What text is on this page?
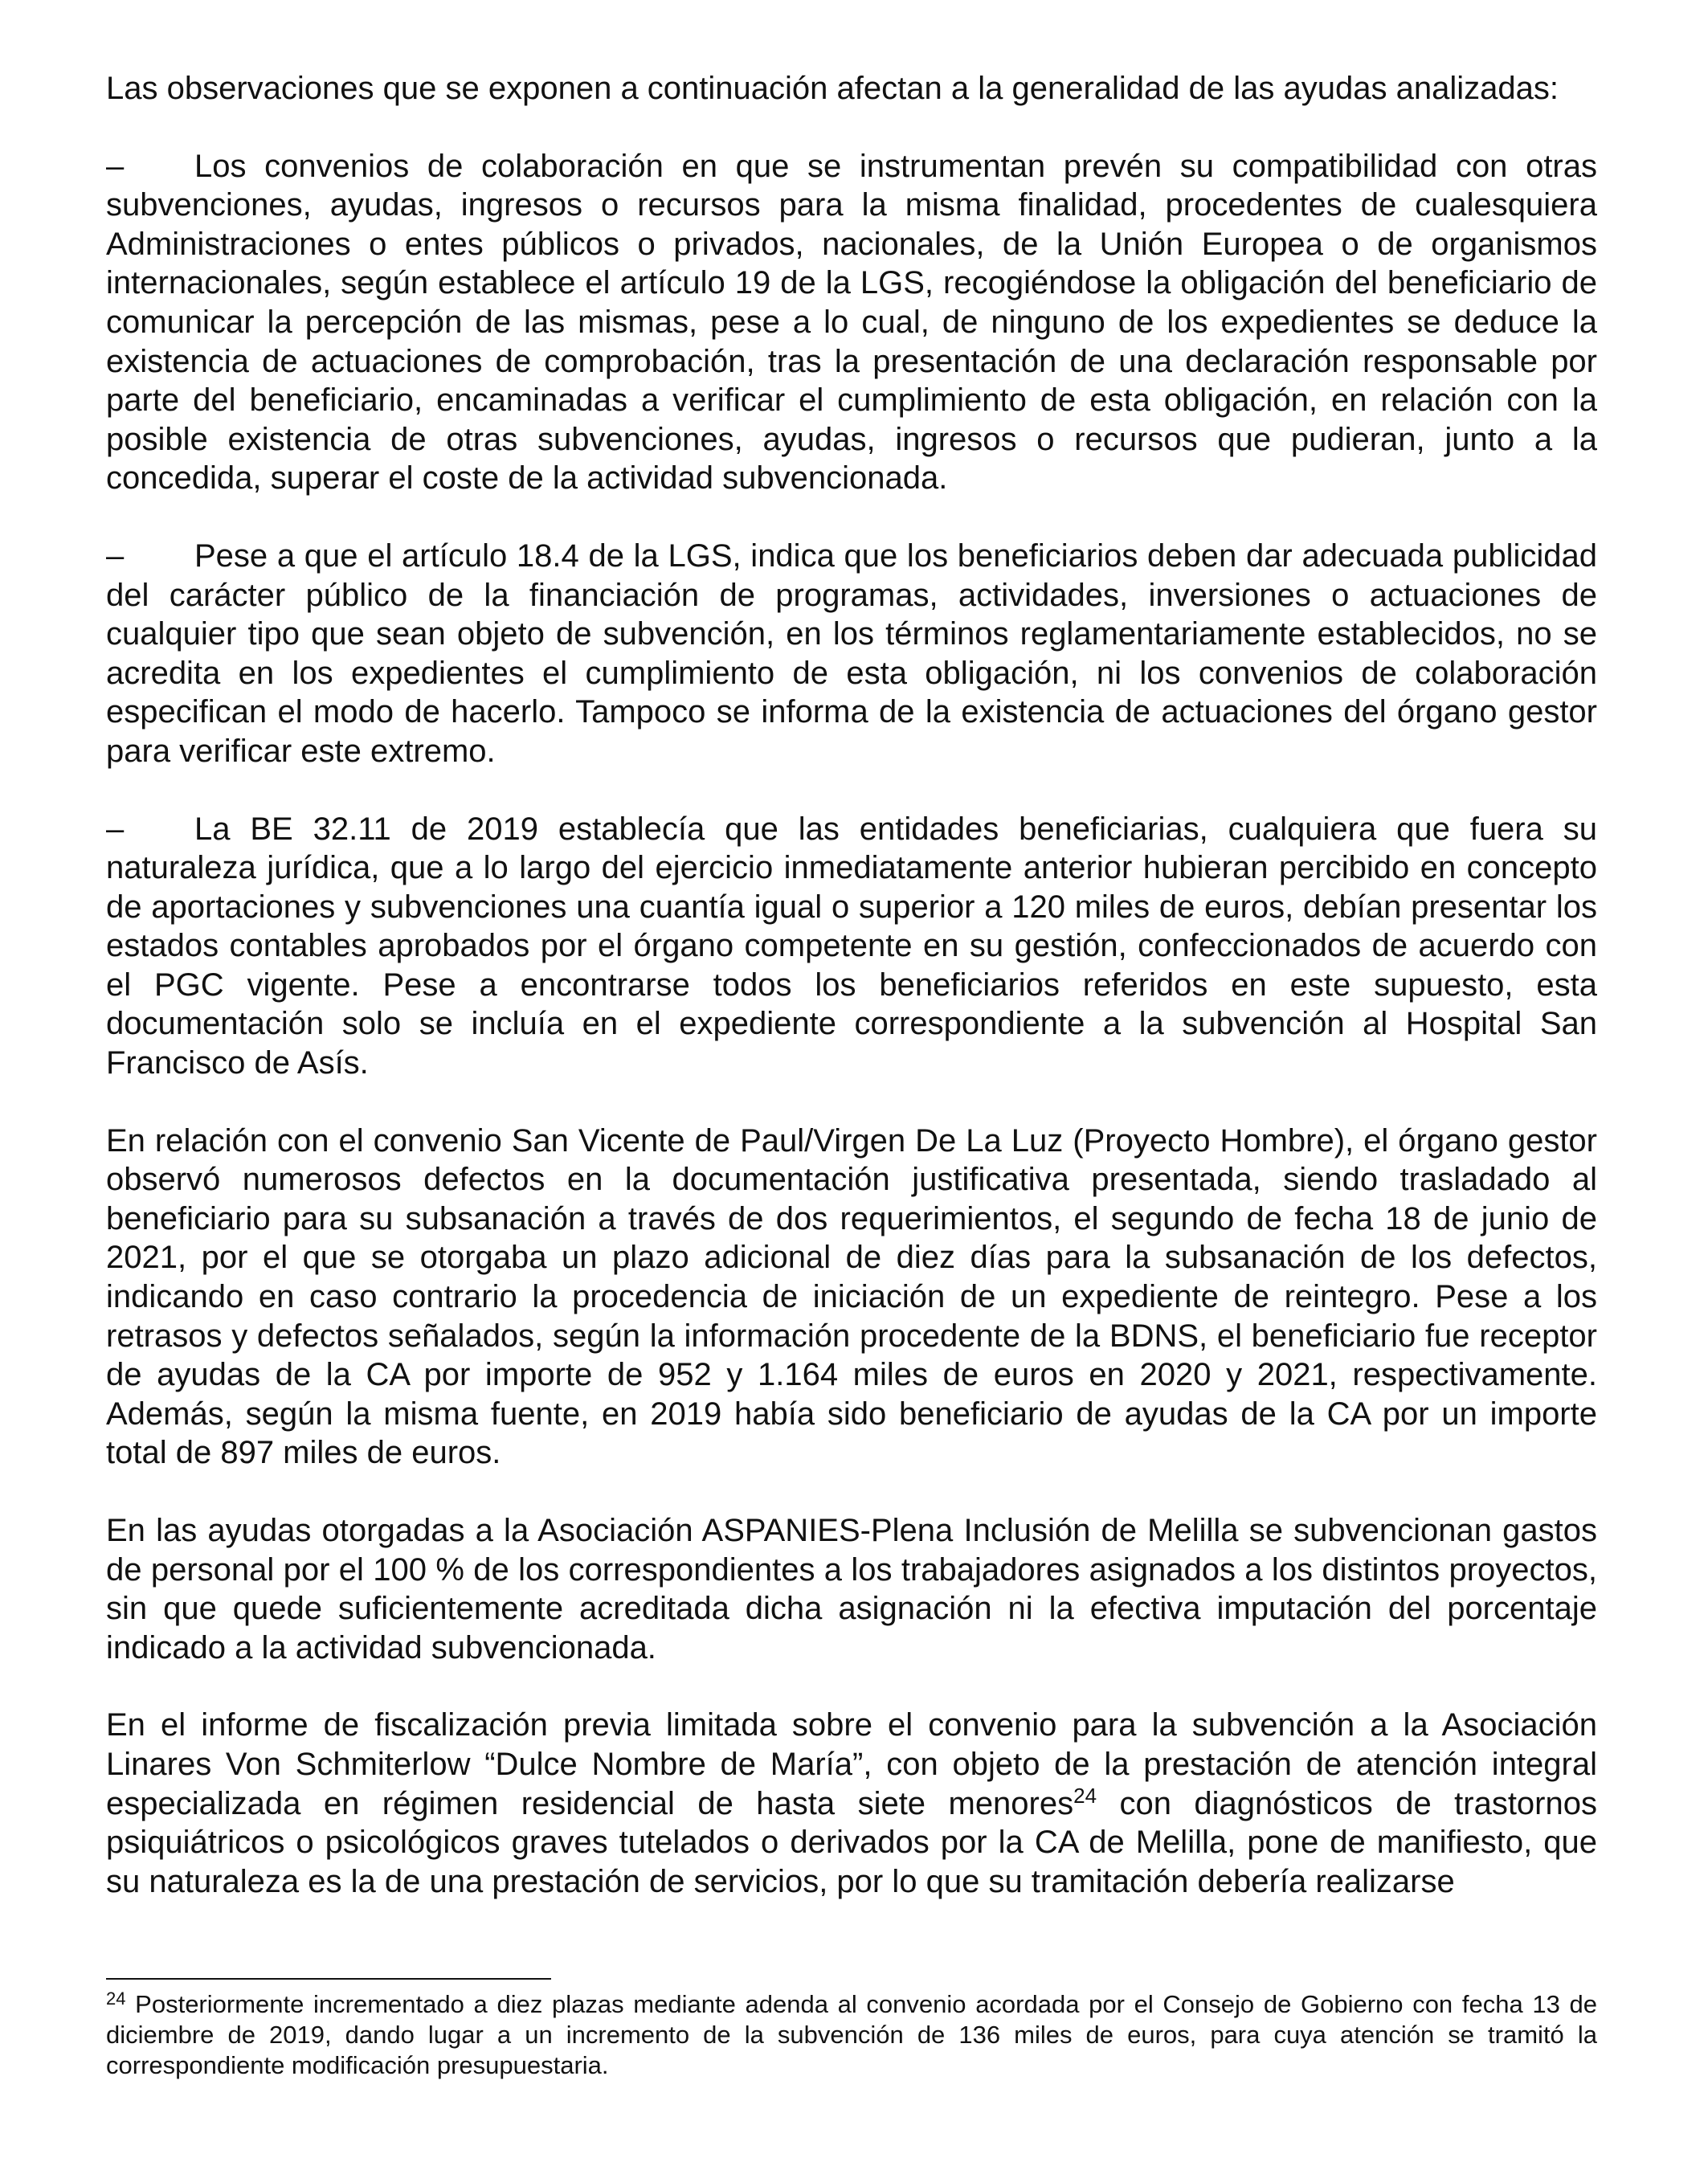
Las observaciones que se exponen a continuación afectan a la generalidad de las ayudas analizadas:

– Los convenios de colaboración en que se instrumentan prevén su compatibilidad con otras subvenciones, ayudas, ingresos o recursos para la misma finalidad, procedentes de cualesquiera Administraciones o entes públicos o privados, nacionales, de la Unión Europea o de organismos internacionales, según establece el artículo 19 de la LGS, recogiéndose la obligación del beneficiario de comunicar la percepción de las mismas, pese a lo cual, de ninguno de los expedientes se deduce la existencia de actuaciones de comprobación, tras la presentación de una declaración responsable por parte del beneficiario, encaminadas a verificar el cumplimiento de esta obligación, en relación con la posible existencia de otras subvenciones, ayudas, ingresos o recursos que pudieran, junto a la concedida, superar el coste de la actividad subvencionada.

– Pese a que el artículo 18.4 de la LGS, indica que los beneficiarios deben dar adecuada publicidad del carácter público de la financiación de programas, actividades, inversiones o actuaciones de cualquier tipo que sean objeto de subvención, en los términos reglamentariamente establecidos, no se acredita en los expedientes el cumplimiento de esta obligación, ni los convenios de colaboración especifican el modo de hacerlo. Tampoco se informa de la existencia de actuaciones del órgano gestor para verificar este extremo.

– La BE 32.11 de 2019 establecía que las entidades beneficiarias, cualquiera que fuera su naturaleza jurídica, que a lo largo del ejercicio inmediatamente anterior hubieran percibido en concepto de aportaciones y subvenciones una cuantía igual o superior a 120 miles de euros, debían presentar los estados contables aprobados por el órgano competente en su gestión, confeccionados de acuerdo con el PGC vigente. Pese a encontrarse todos los beneficiarios referidos en este supuesto, esta documentación solo se incluía en el expediente correspondiente a la subvención al Hospital San Francisco de Asís.

En relación con el convenio San Vicente de Paul/Virgen De La Luz (Proyecto Hombre), el órgano gestor observó numerosos defectos en la documentación justificativa presentada, siendo trasladado al beneficiario para su subsanación a través de dos requerimientos, el segundo de fecha 18 de junio de 2021, por el que se otorgaba un plazo adicional de diez días para la subsanación de los defectos, indicando en caso contrario la procedencia de iniciación de un expediente de reintegro. Pese a los retrasos y defectos señalados, según la información procedente de la BDNS, el beneficiario fue receptor de ayudas de la CA por importe de 952 y 1.164 miles de euros en 2020 y 2021, respectivamente. Además, según la misma fuente, en 2019 había sido beneficiario de ayudas de la CA por un importe total de 897 miles de euros.

En las ayudas otorgadas a la Asociación ASPANIES-Plena Inclusión de Melilla se subvencionan gastos de personal por el 100 % de los correspondientes a los trabajadores asignados a los distintos proyectos, sin que quede suficientemente acreditada dicha asignación ni la efectiva imputación del porcentaje indicado a la actividad subvencionada.

En el informe de fiscalización previa limitada sobre el convenio para la subvención a la Asociación Linares Von Schmiterlow “Dulce Nombre de María”, con objeto de la prestación de atención integral especializada en régimen residencial de hasta siete menores$^{24}$ con diagnósticos de trastornos psiquiátricos o psicológicos graves tutelados o derivados por la CA de Melilla, pone de manifiesto, que su naturaleza es la de una prestación de servicios, por lo que su tramitación debería realizarse

$^{24}$ Posteriormente incrementado a diez plazas mediante adenda al convenio acordada por el Consejo de Gobierno con fecha 13 de diciembre de 2019, dando lugar a un incremento de la subvención de 136 miles de euros, para cuya atención se tramitó la correspondiente modificación presupuestaria.
